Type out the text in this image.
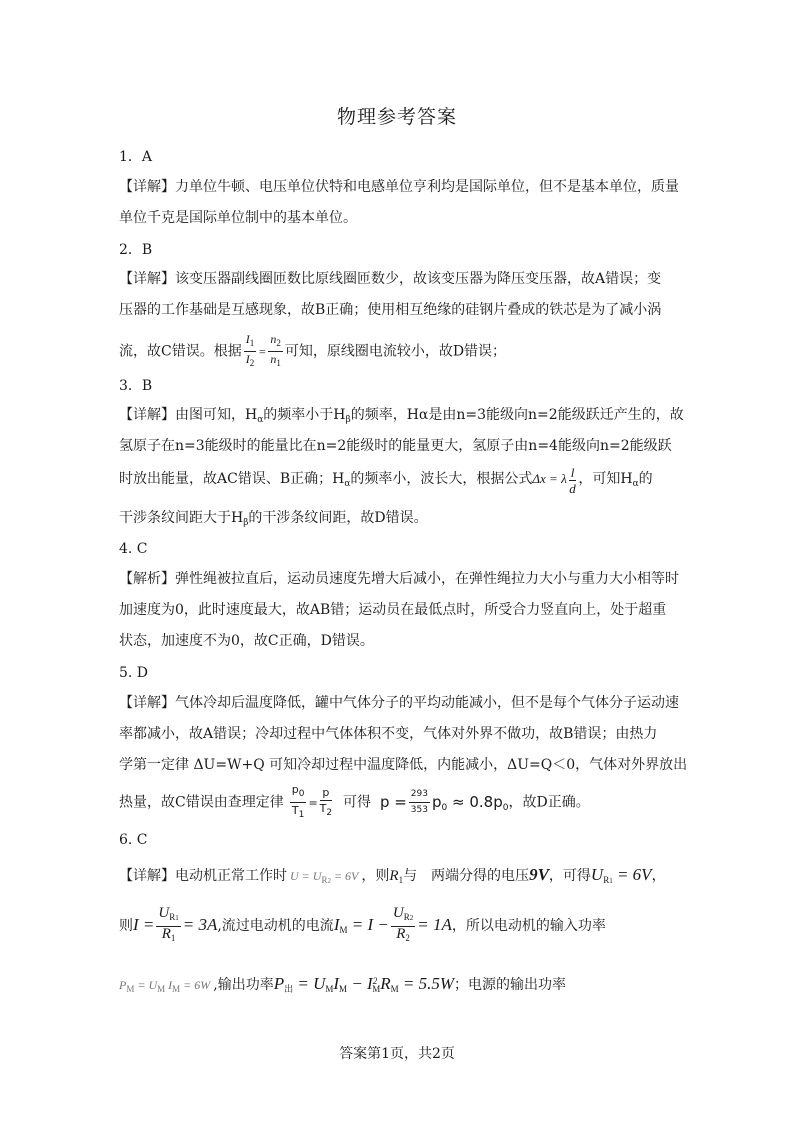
物理参考答案
1．A
【详解】力单位牛顿、电压单位伏特和电感单位亨利均是国际单位，但不是基本单位，质量
单位千克是国际单位制中的基本单位。
2．B
【详解】该变压器副线圈匝数比原线圈匝数少，故该变压器为降压变压器，故A错误；变
压器的工作基础是互感现象，故B正确；使用相互绝缘的硅钢片叠成的铁芯是为了减小涡
流，故C错误。根据 $\frac{I_1}{I_2} = \frac{n_2}{n_1}$ 可知，原线圈电流较小，故D错误；
3．B
【详解】由图可知，$H_\alpha$的频率小于$H_\beta$的频率，Hα是由n=3能级向n=2能级跃迁产生的，故
氢原子在n=3能级时的能量比在n=2能级时的能量更大，氢原子由n=4能级向n=2能级跃
时放出能量，故AC错误、B正确；$H_\alpha$的频率小，波长大，根据公式Δx = λ $\frac{l}{d}$ ，可知$H_\alpha$的
干涉条纹间距大于$H_\beta$的干涉条纹间距，故D错误。
4. C
【解析】弹性绳被拉直后，运动员速度先增大后减小，在弹性绳拉力大小与重力大小相等时
加速度为0，此时速度最大，故AB错；运动员在最低点时，所受合力竖直向上，处于超重
状态，加速度不为0，故C正确，D错误。
5. D
【详解】气体冷却后温度降低，罐中气体分子的平均动能减小，但不是每个气体分子运动速
率都减小，故A错误；冷却过程中气体体积不变，气体对外界不做功，故B错误；由热力
学第一定律 ΔU=W+Q 可知冷却过程中温度降低，内能减小，ΔU=Q＜0，气体对外界放出
热量，故C错误由查理定律 $\frac{p_0}{T_1} = \frac{p}{T_2}$ 可得 $p = \frac{293}{353} p_0 \approx 0.8p_0$，故D正确。
6. C
【详解】电动机正常工作时 $U = U_{R2} = 6V$ ，则$R_1$与　两端分得的电压9V，可得$U_{R1} = 6V$，
则$I = \frac{U_{R1}}{R_1} = 3A$,流过电动机的电流$I_M = I - \frac{U_{R2}}{R_2} = 1A$，所以电动机的输入功率
$P_M = U_M$ $I_M = 6W$ ,输出功率$P_出 = U_MI_M - I^2_MR_M = 5.5W$；电源的输出功率
答案第1页，共2页
